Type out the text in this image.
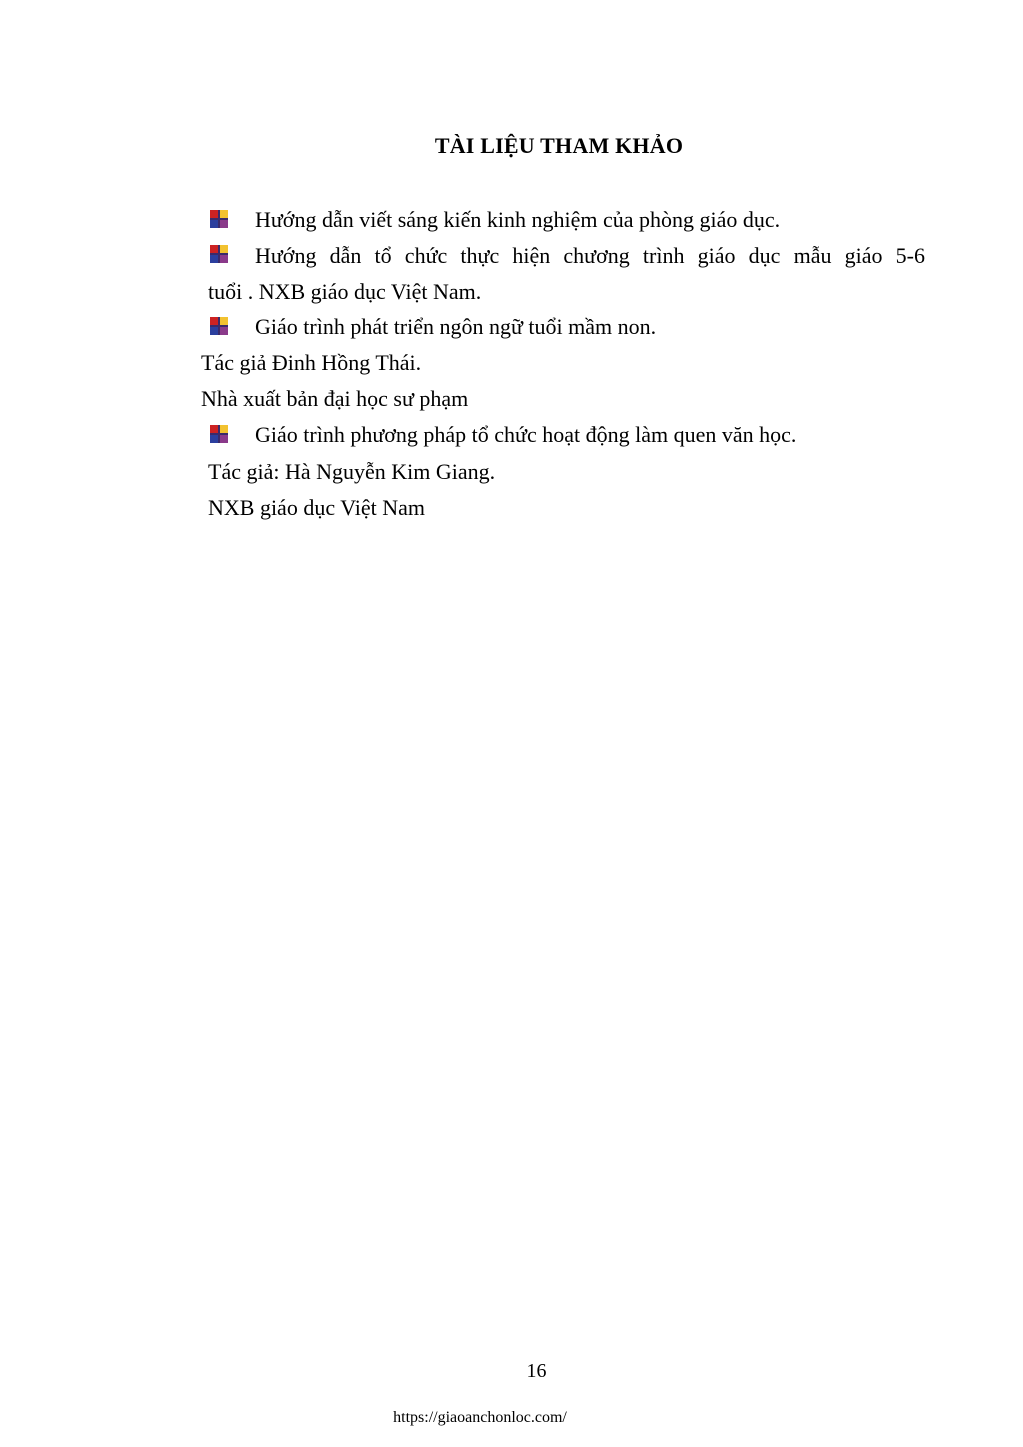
TÀI LIỆU THAM KHẢO
Hướng dẫn viết sáng kiến kinh nghiệm của phòng giáo dục.
Hướng dẫn tổ chức thực hiện chương trình giáo dục mẫu giáo 5-6
tuổi . NXB giáo dục Việt Nam.
Giáo trình phát triển ngôn ngữ tuổi mầm non.
Tác giả Đinh Hồng Thái.
Nhà xuất bản đại học sư phạm
Giáo trình phương pháp tổ chức hoạt động làm quen văn học.
Tác giả: Hà Nguyễn Kim Giang.
NXB giáo dục Việt Nam
16
https://giaoanchonloc.com/
